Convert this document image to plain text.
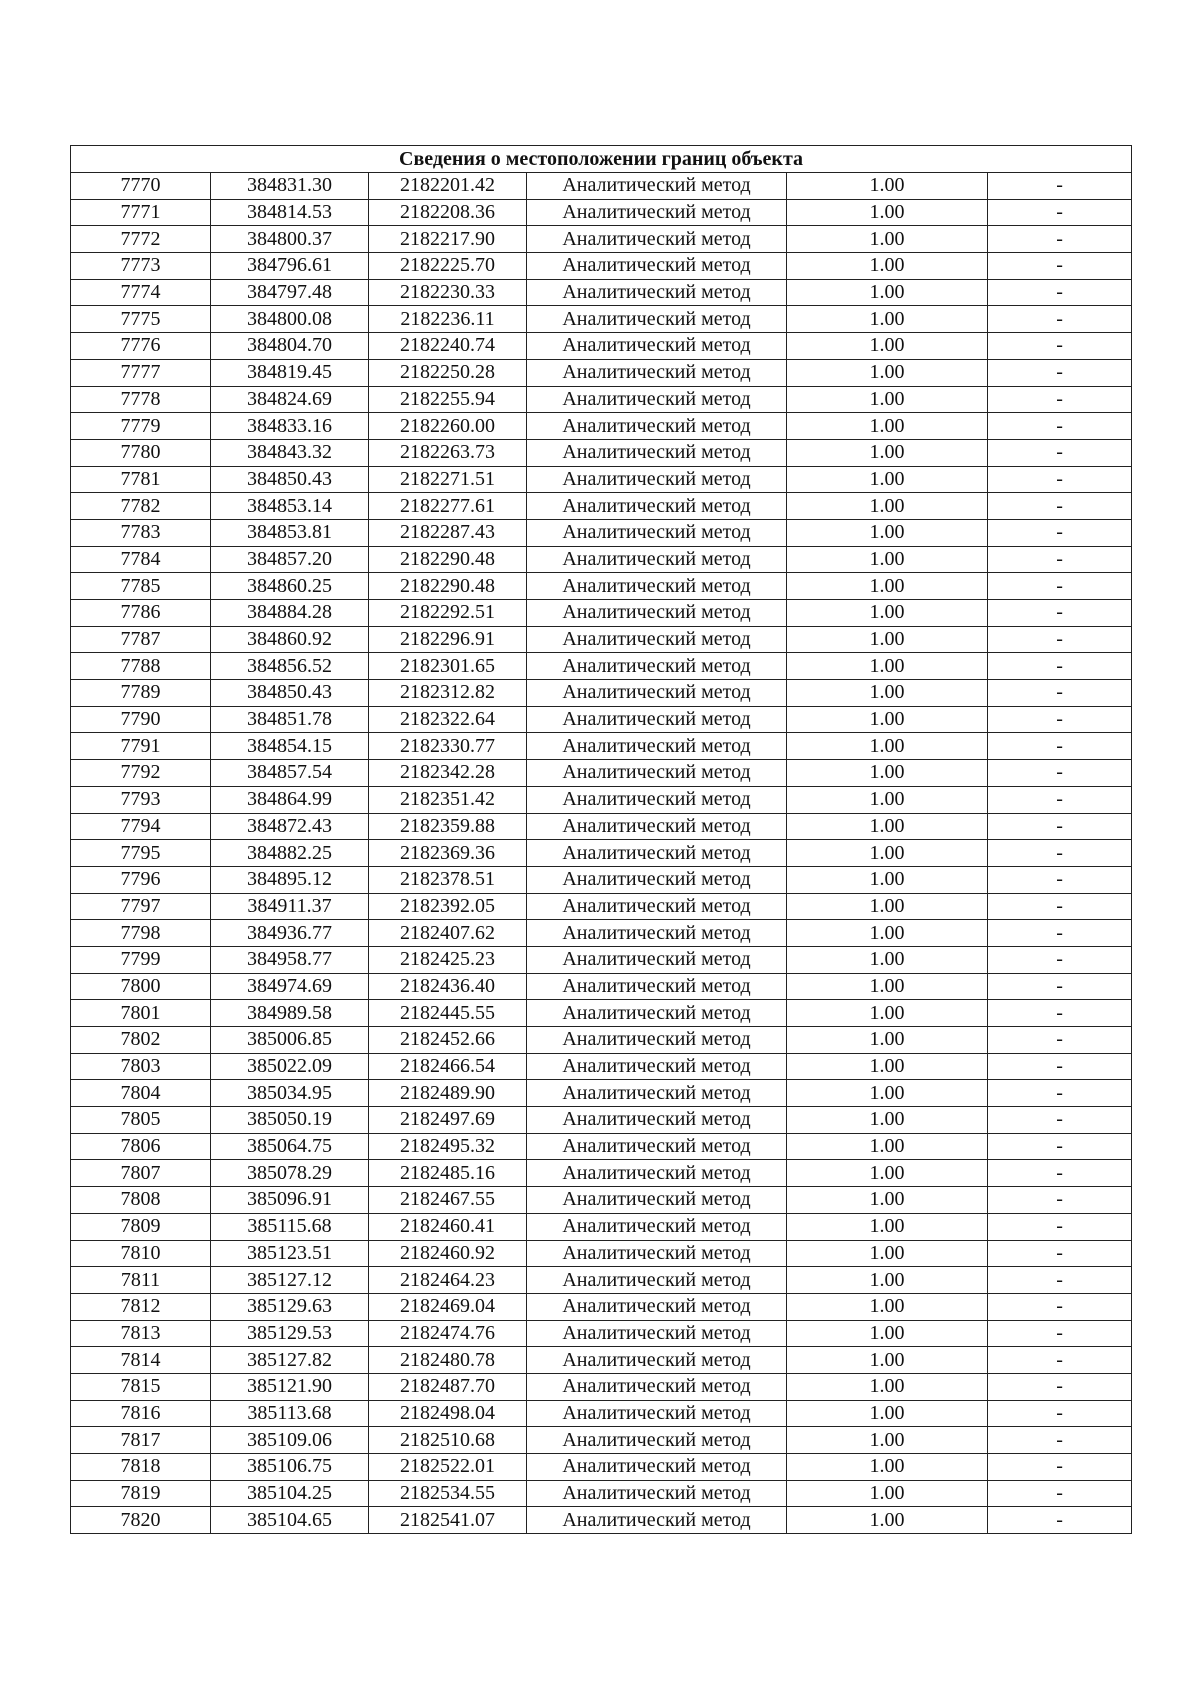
Сведения о местоположении границ объекта					
7770	384831.30	2182201.42	Аналитический метод	1.00	-
7771	384814.53	2182208.36	Аналитический метод	1.00	-
7772	384800.37	2182217.90	Аналитический метод	1.00	-
7773	384796.61	2182225.70	Аналитический метод	1.00	-
7774	384797.48	2182230.33	Аналитический метод	1.00	-
7775	384800.08	2182236.11	Аналитический метод	1.00	-
7776	384804.70	2182240.74	Аналитический метод	1.00	-
7777	384819.45	2182250.28	Аналитический метод	1.00	-
7778	384824.69	2182255.94	Аналитический метод	1.00	-
7779	384833.16	2182260.00	Аналитический метод	1.00	-
7780	384843.32	2182263.73	Аналитический метод	1.00	-
7781	384850.43	2182271.51	Аналитический метод	1.00	-
7782	384853.14	2182277.61	Аналитический метод	1.00	-
7783	384853.81	2182287.43	Аналитический метод	1.00	-
7784	384857.20	2182290.48	Аналитический метод	1.00	-
7785	384860.25	2182290.48	Аналитический метод	1.00	-
7786	384884.28	2182292.51	Аналитический метод	1.00	-
7787	384860.92	2182296.91	Аналитический метод	1.00	-
7788	384856.52	2182301.65	Аналитический метод	1.00	-
7789	384850.43	2182312.82	Аналитический метод	1.00	-
7790	384851.78	2182322.64	Аналитический метод	1.00	-
7791	384854.15	2182330.77	Аналитический метод	1.00	-
7792	384857.54	2182342.28	Аналитический метод	1.00	-
7793	384864.99	2182351.42	Аналитический метод	1.00	-
7794	384872.43	2182359.88	Аналитический метод	1.00	-
7795	384882.25	2182369.36	Аналитический метод	1.00	-
7796	384895.12	2182378.51	Аналитический метод	1.00	-
7797	384911.37	2182392.05	Аналитический метод	1.00	-
7798	384936.77	2182407.62	Аналитический метод	1.00	-
7799	384958.77	2182425.23	Аналитический метод	1.00	-
7800	384974.69	2182436.40	Аналитический метод	1.00	-
7801	384989.58	2182445.55	Аналитический метод	1.00	-
7802	385006.85	2182452.66	Аналитический метод	1.00	-
7803	385022.09	2182466.54	Аналитический метод	1.00	-
7804	385034.95	2182489.90	Аналитический метод	1.00	-
7805	385050.19	2182497.69	Аналитический метод	1.00	-
7806	385064.75	2182495.32	Аналитический метод	1.00	-
7807	385078.29	2182485.16	Аналитический метод	1.00	-
7808	385096.91	2182467.55	Аналитический метод	1.00	-
7809	385115.68	2182460.41	Аналитический метод	1.00	-
7810	385123.51	2182460.92	Аналитический метод	1.00	-
7811	385127.12	2182464.23	Аналитический метод	1.00	-
7812	385129.63	2182469.04	Аналитический метод	1.00	-
7813	385129.53	2182474.76	Аналитический метод	1.00	-
7814	385127.82	2182480.78	Аналитический метод	1.00	-
7815	385121.90	2182487.70	Аналитический метод	1.00	-
7816	385113.68	2182498.04	Аналитический метод	1.00	-
7817	385109.06	2182510.68	Аналитический метод	1.00	-
7818	385106.75	2182522.01	Аналитический метод	1.00	-
7819	385104.25	2182534.55	Аналитический метод	1.00	-
7820	385104.65	2182541.07	Аналитический метод	1.00	-
